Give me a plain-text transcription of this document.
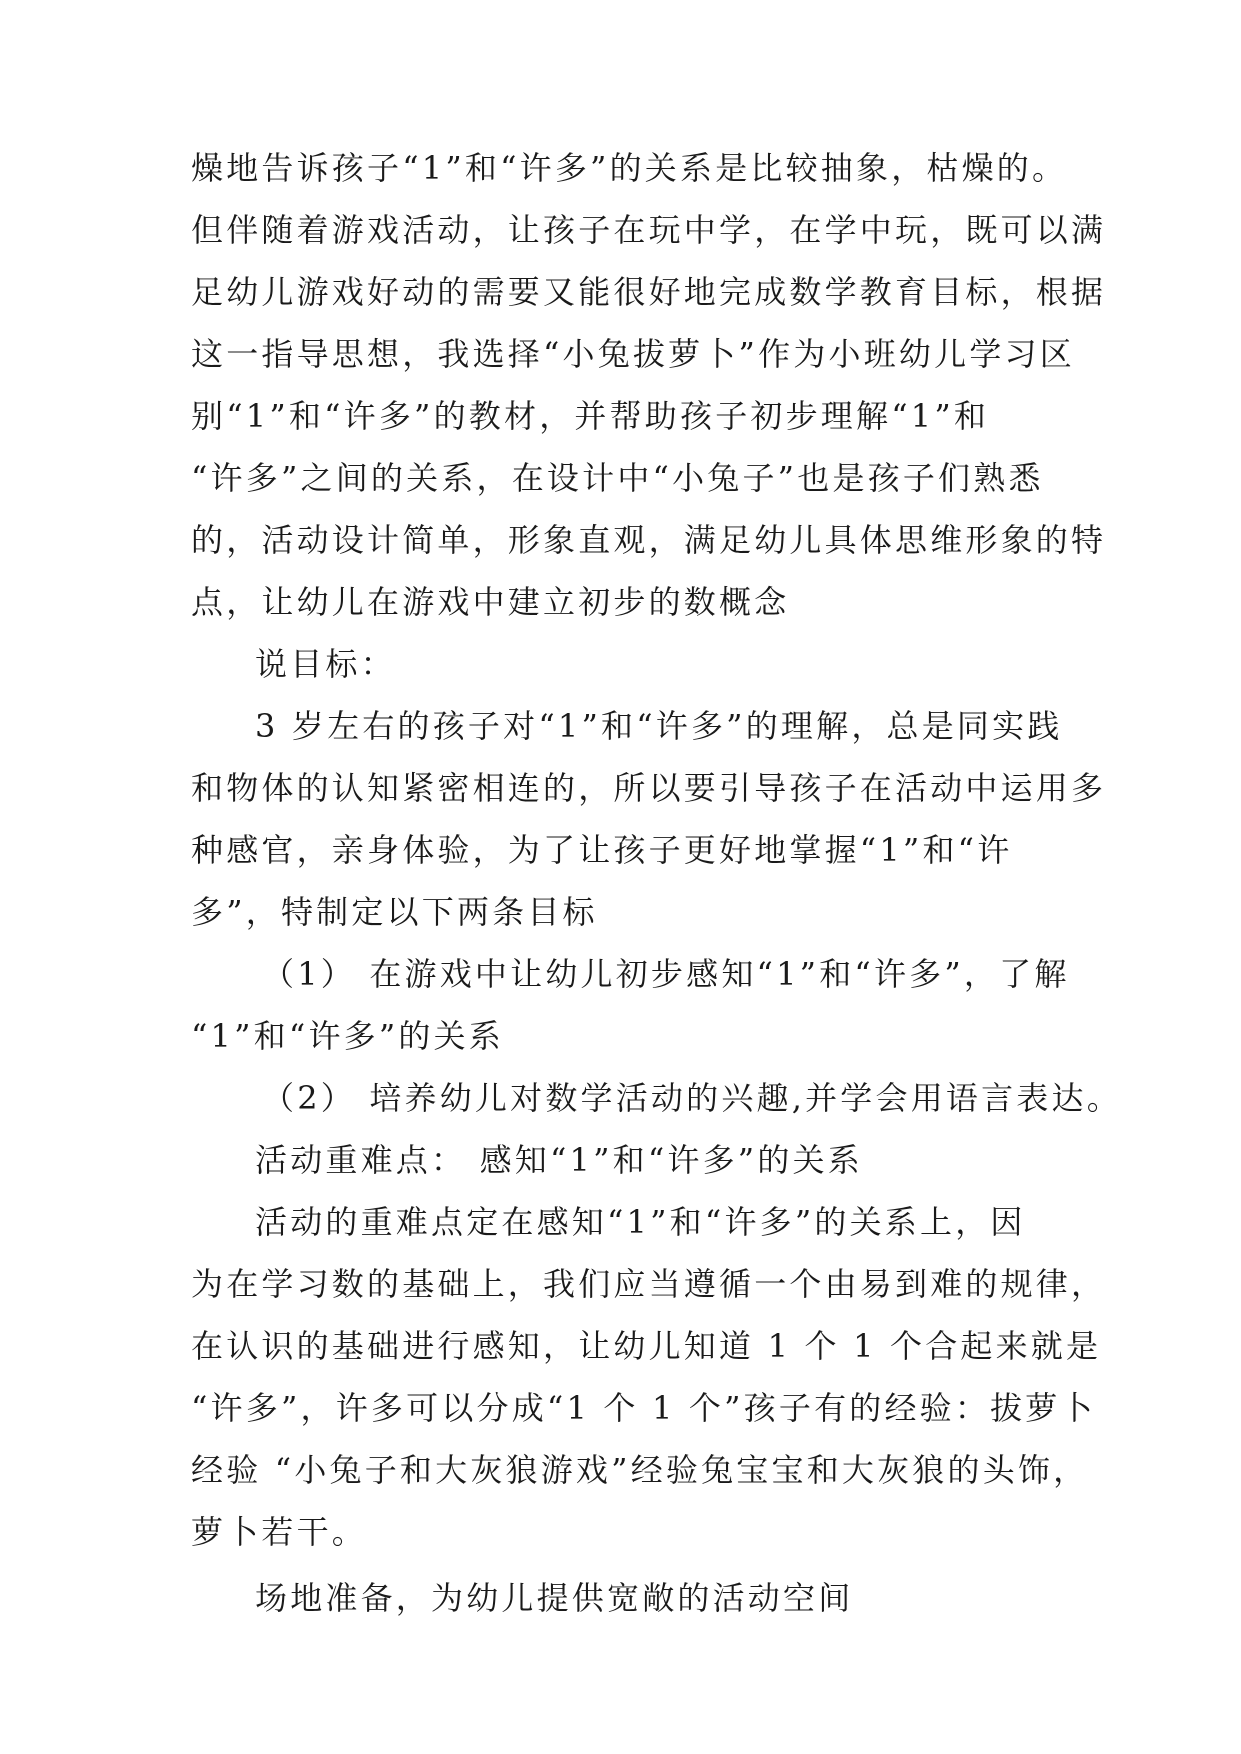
燥地告诉孩子“1”和“许多”的关系是比较抽象，枯燥的。
但伴随着游戏活动，让孩子在玩中学，在学中玩，既可以满
足幼儿游戏好动的需要又能很好地完成数学教育目标，根据
这一指导思想，我选择“小兔拔萝卜”作为小班幼儿学习区
别“1”和“许多”的教材，并帮助孩子初步理解“1”和
“许多”之间的关系，在设计中“小兔子”也是孩子们熟悉
的，活动设计简单，形象直观，满足幼儿具体思维形象的特
点，让幼儿在游戏中建立初步的数概念
说目标：
3 岁左右的孩子对“1”和“许多”的理解，总是同实践
和物体的认知紧密相连的，所以要引导孩子在活动中运用多
种感官，亲身体验，为了让孩子更好地掌握“1”和“许
多”，特制定以下两条目标
（1） 在游戏中让幼儿初步感知“1”和“许多”，了解
“1”和“许多”的关系
（2） 培养幼儿对数学活动的兴趣,并学会用语言表达。
活动重难点： 感知“1”和“许多”的关系
活动的重难点定在感知“1”和“许多”的关系上，因
为在学习数的基础上，我们应当遵循一个由易到难的规律，
在认识的基础进行感知，让幼儿知道 1 个 1 个合起来就是
“许多”，许多可以分成“1 个 1 个”孩子有的经验：拔萝卜
经验 “小兔子和大灰狼游戏”经验兔宝宝和大灰狼的头饰，
萝卜若干。
场地准备，为幼儿提供宽敞的活动空间
